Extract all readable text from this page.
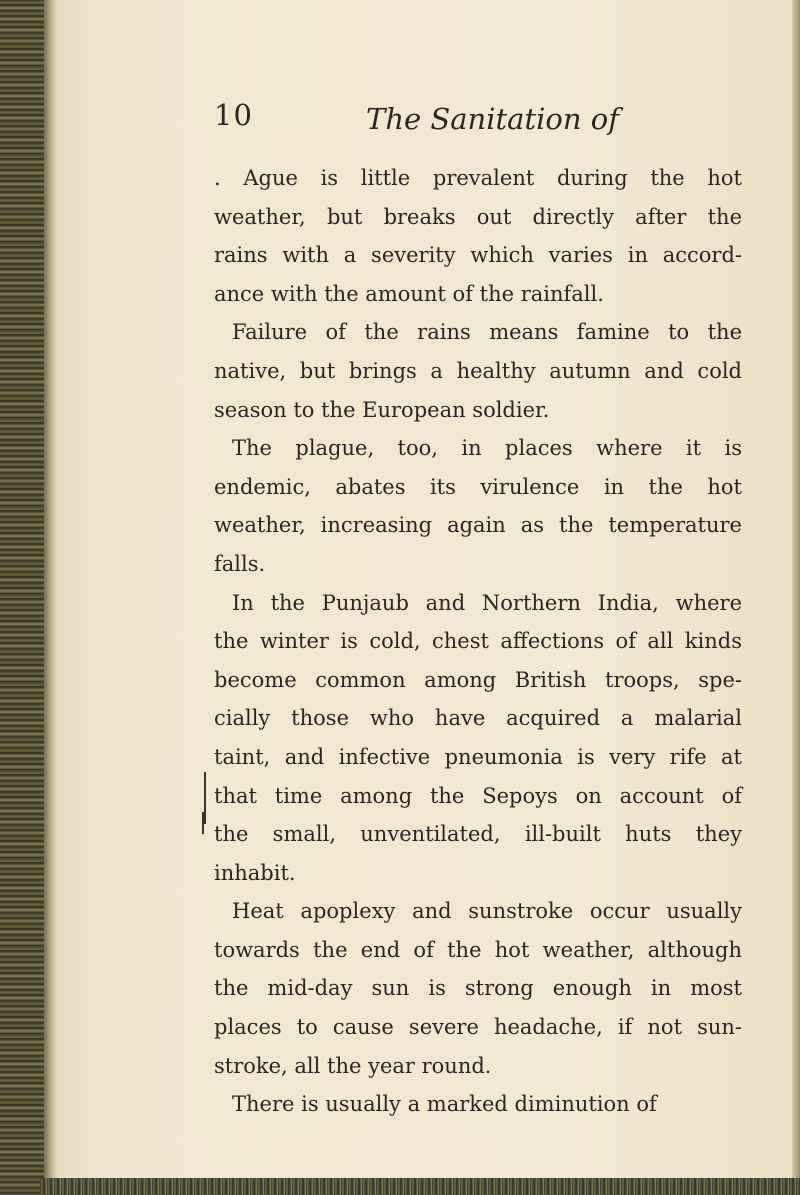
10	The Sanitation of
. Ague is little prevalent during the hot
weather, but breaks out directly after the
rains with a severity which varies in accord-
ance with the amount of the rainfall.
Failure of the rains means famine to the
native, but brings a healthy autumn and cold
season to the European soldier.
The plague, too, in places where it is
endemic, abates its virulence in the hot
weather, increasing again as the temperature
falls.
In the Punjaub and Northern India, where
the winter is cold, chest affections of all kinds
become common among British troops, spe-
cially those who have acquired a malarial
taint, and infective pneumonia is very rife at
that time among the Sepoys on account of
the small, unventilated, ill-built huts they
inhabit.
Heat apoplexy and sunstroke occur usually
towards the end of the hot weather, although
the mid-day sun is strong enough in most
places to cause severe headache, if not sun-
stroke, all the year round.
There is usually a marked diminution of
